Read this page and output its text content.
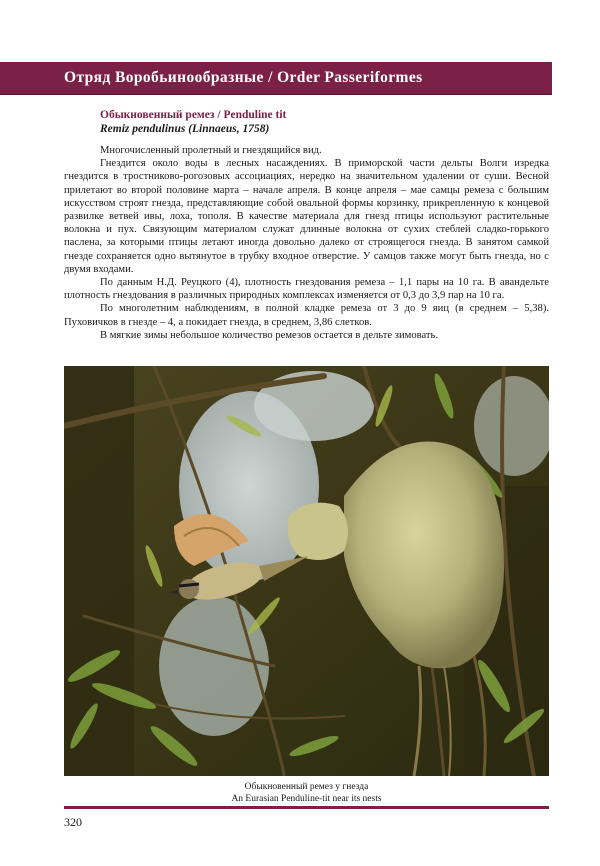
Отряд Воробьинообразные / Order Passeriformes
Обыкновенный ремез / Penduline tit
Remiz pendulinus (Linnaeus, 1758)

Многочисленный пролетный и гнездящийся вид.

Гнездится около воды в лесных насаждениях. В приморской части дельты Волги изредка гнездится в тростниково-рогозовых ассоциациях, нередко на значительном удалении от суши. Весной прилетают во второй половине марта – начале апреля. В конце апреля – мае самцы ремеза с большим искусством строят гнезда, представляющие собой овальной формы корзинку, прикрепленную к концевой развилке ветвей ивы, лоха, тополя. В качестве материала для гнезд птицы используют растительные волокна и пух. Связующим материалом служат длинные волокна от сухих стеблей сладко-горького паслена, за которыми птицы летают иногда довольно далеко от строящегося гнезда. В занятом самкой гнезде сохраняется одно вытянутое в трубку входное отверстие. У самцов также могут быть гнезда, но с двумя входами.

По данным Н.Д. Реуцкого (4), плотность гнездования ремеза – 1,1 пары на 10 га. В авандельте плотность гнездования в различных природных комплексах изменяется от 0,3 до 3,9 пар на 10 га.

По многолетним наблюдениям, в полной кладке ремеза от 3 до 9 яиц (в среднем – 5,38). Пуховичков в гнезде – 4, а покидает гнезда, в среднем, 3,86 слетков.

В мягкие зимы небольшое количество ремезов остается в дельте зимовать.

Обыкновенный ремез у гнезда
An Eurasian Penduline-tit near its nests
320
